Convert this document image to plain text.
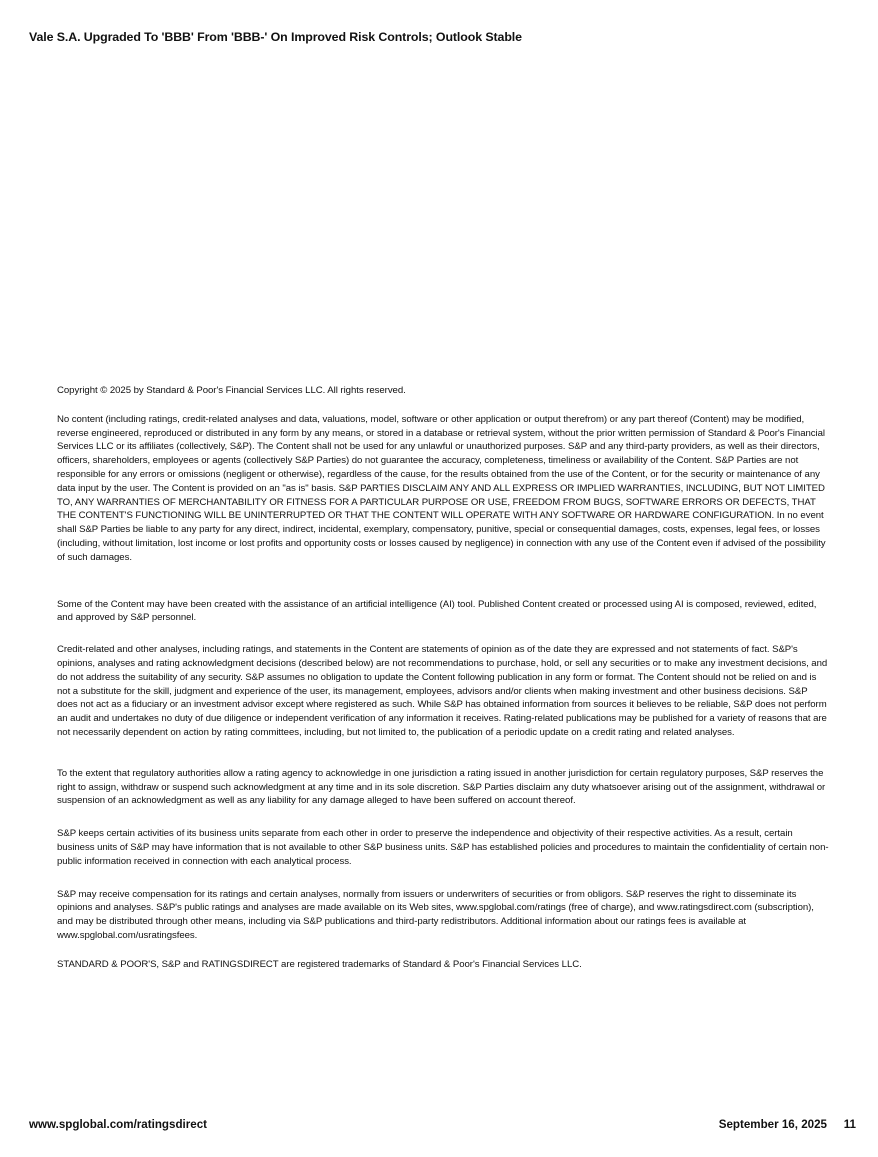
Vale S.A. Upgraded To 'BBB' From 'BBB-' On Improved Risk Controls; Outlook Stable

Copyright © 2025 by Standard & Poor's Financial Services LLC. All rights reserved.

No content (including ratings, credit-related analyses and data, valuations, model, software or other application or output therefrom) or any part thereof (Content) may be modified, reverse engineered, reproduced or distributed in any form by any means, or stored in a database or retrieval system, without the prior written permission of Standard & Poor's Financial Services LLC or its affiliates (collectively, S&P). The Content shall not be used for any unlawful or unauthorized purposes. S&P and any third-party providers, as well as their directors, officers, shareholders, employees or agents (collectively S&P Parties) do not guarantee the accuracy, completeness, timeliness or availability of the Content. S&P Parties are not responsible for any errors or omissions (negligent or otherwise), regardless of the cause, for the results obtained from the use of the Content, or for the security or maintenance of any data input by the user. The Content is provided on an "as is" basis. S&P PARTIES DISCLAIM ANY AND ALL EXPRESS OR IMPLIED WARRANTIES, INCLUDING, BUT NOT LIMITED TO, ANY WARRANTIES OF MERCHANTABILITY OR FITNESS FOR A PARTICULAR PURPOSE OR USE, FREEDOM FROM BUGS, SOFTWARE ERRORS OR DEFECTS, THAT THE CONTENT'S FUNCTIONING WILL BE UNINTERRUPTED OR THAT THE CONTENT WILL OPERATE WITH ANY SOFTWARE OR HARDWARE CONFIGURATION. In no event shall S&P Parties be liable to any party for any direct, indirect, incidental, exemplary, compensatory, punitive, special or consequential damages, costs, expenses, legal fees, or losses (including, without limitation, lost income or lost profits and opportunity costs or losses caused by negligence) in connection with any use of the Content even if advised of the possibility of such damages.

Some of the Content may have been created with the assistance of an artificial intelligence (AI) tool. Published Content created or processed using AI is composed, reviewed, edited, and approved by S&P personnel.

Credit-related and other analyses, including ratings, and statements in the Content are statements of opinion as of the date they are expressed and not statements of fact. S&P's opinions, analyses and rating acknowledgment decisions (described below) are not recommendations to purchase, hold, or sell any securities or to make any investment decisions, and do not address the suitability of any security. S&P assumes no obligation to update the Content following publication in any form or format. The Content should not be relied on and is not a substitute for the skill, judgment and experience of the user, its management, employees, advisors and/or clients when making investment and other business decisions. S&P does not act as a fiduciary or an investment advisor except where registered as such. While S&P has obtained information from sources it believes to be reliable, S&P does not perform an audit and undertakes no duty of due diligence or independent verification of any information it receives. Rating-related publications may be published for a variety of reasons that are not necessarily dependent on action by rating committees, including, but not limited to, the publication of a periodic update on a credit rating and related analyses.

To the extent that regulatory authorities allow a rating agency to acknowledge in one jurisdiction a rating issued in another jurisdiction for certain regulatory purposes, S&P reserves the right to assign, withdraw or suspend such acknowledgment at any time and in its sole discretion. S&P Parties disclaim any duty whatsoever arising out of the assignment, withdrawal or suspension of an acknowledgment as well as any liability for any damage alleged to have been suffered on account thereof.

S&P keeps certain activities of its business units separate from each other in order to preserve the independence and objectivity of their respective activities. As a result, certain business units of S&P may have information that is not available to other S&P business units. S&P has established policies and procedures to maintain the confidentiality of certain non-public information received in connection with each analytical process.

S&P may receive compensation for its ratings and certain analyses, normally from issuers or underwriters of securities or from obligors. S&P reserves the right to disseminate its opinions and analyses. S&P's public ratings and analyses are made available on its Web sites, www.spglobal.com/ratings (free of charge), and www.ratingsdirect.com (subscription), and may be distributed through other means, including via S&P publications and third-party redistributors. Additional information about our ratings fees is available at www.spglobal.com/usratingsfees.

STANDARD & POOR'S, S&P and RATINGSDIRECT are registered trademarks of Standard & Poor's Financial Services LLC.

www.spglobal.com/ratingsdirect	September 16, 2025 11
